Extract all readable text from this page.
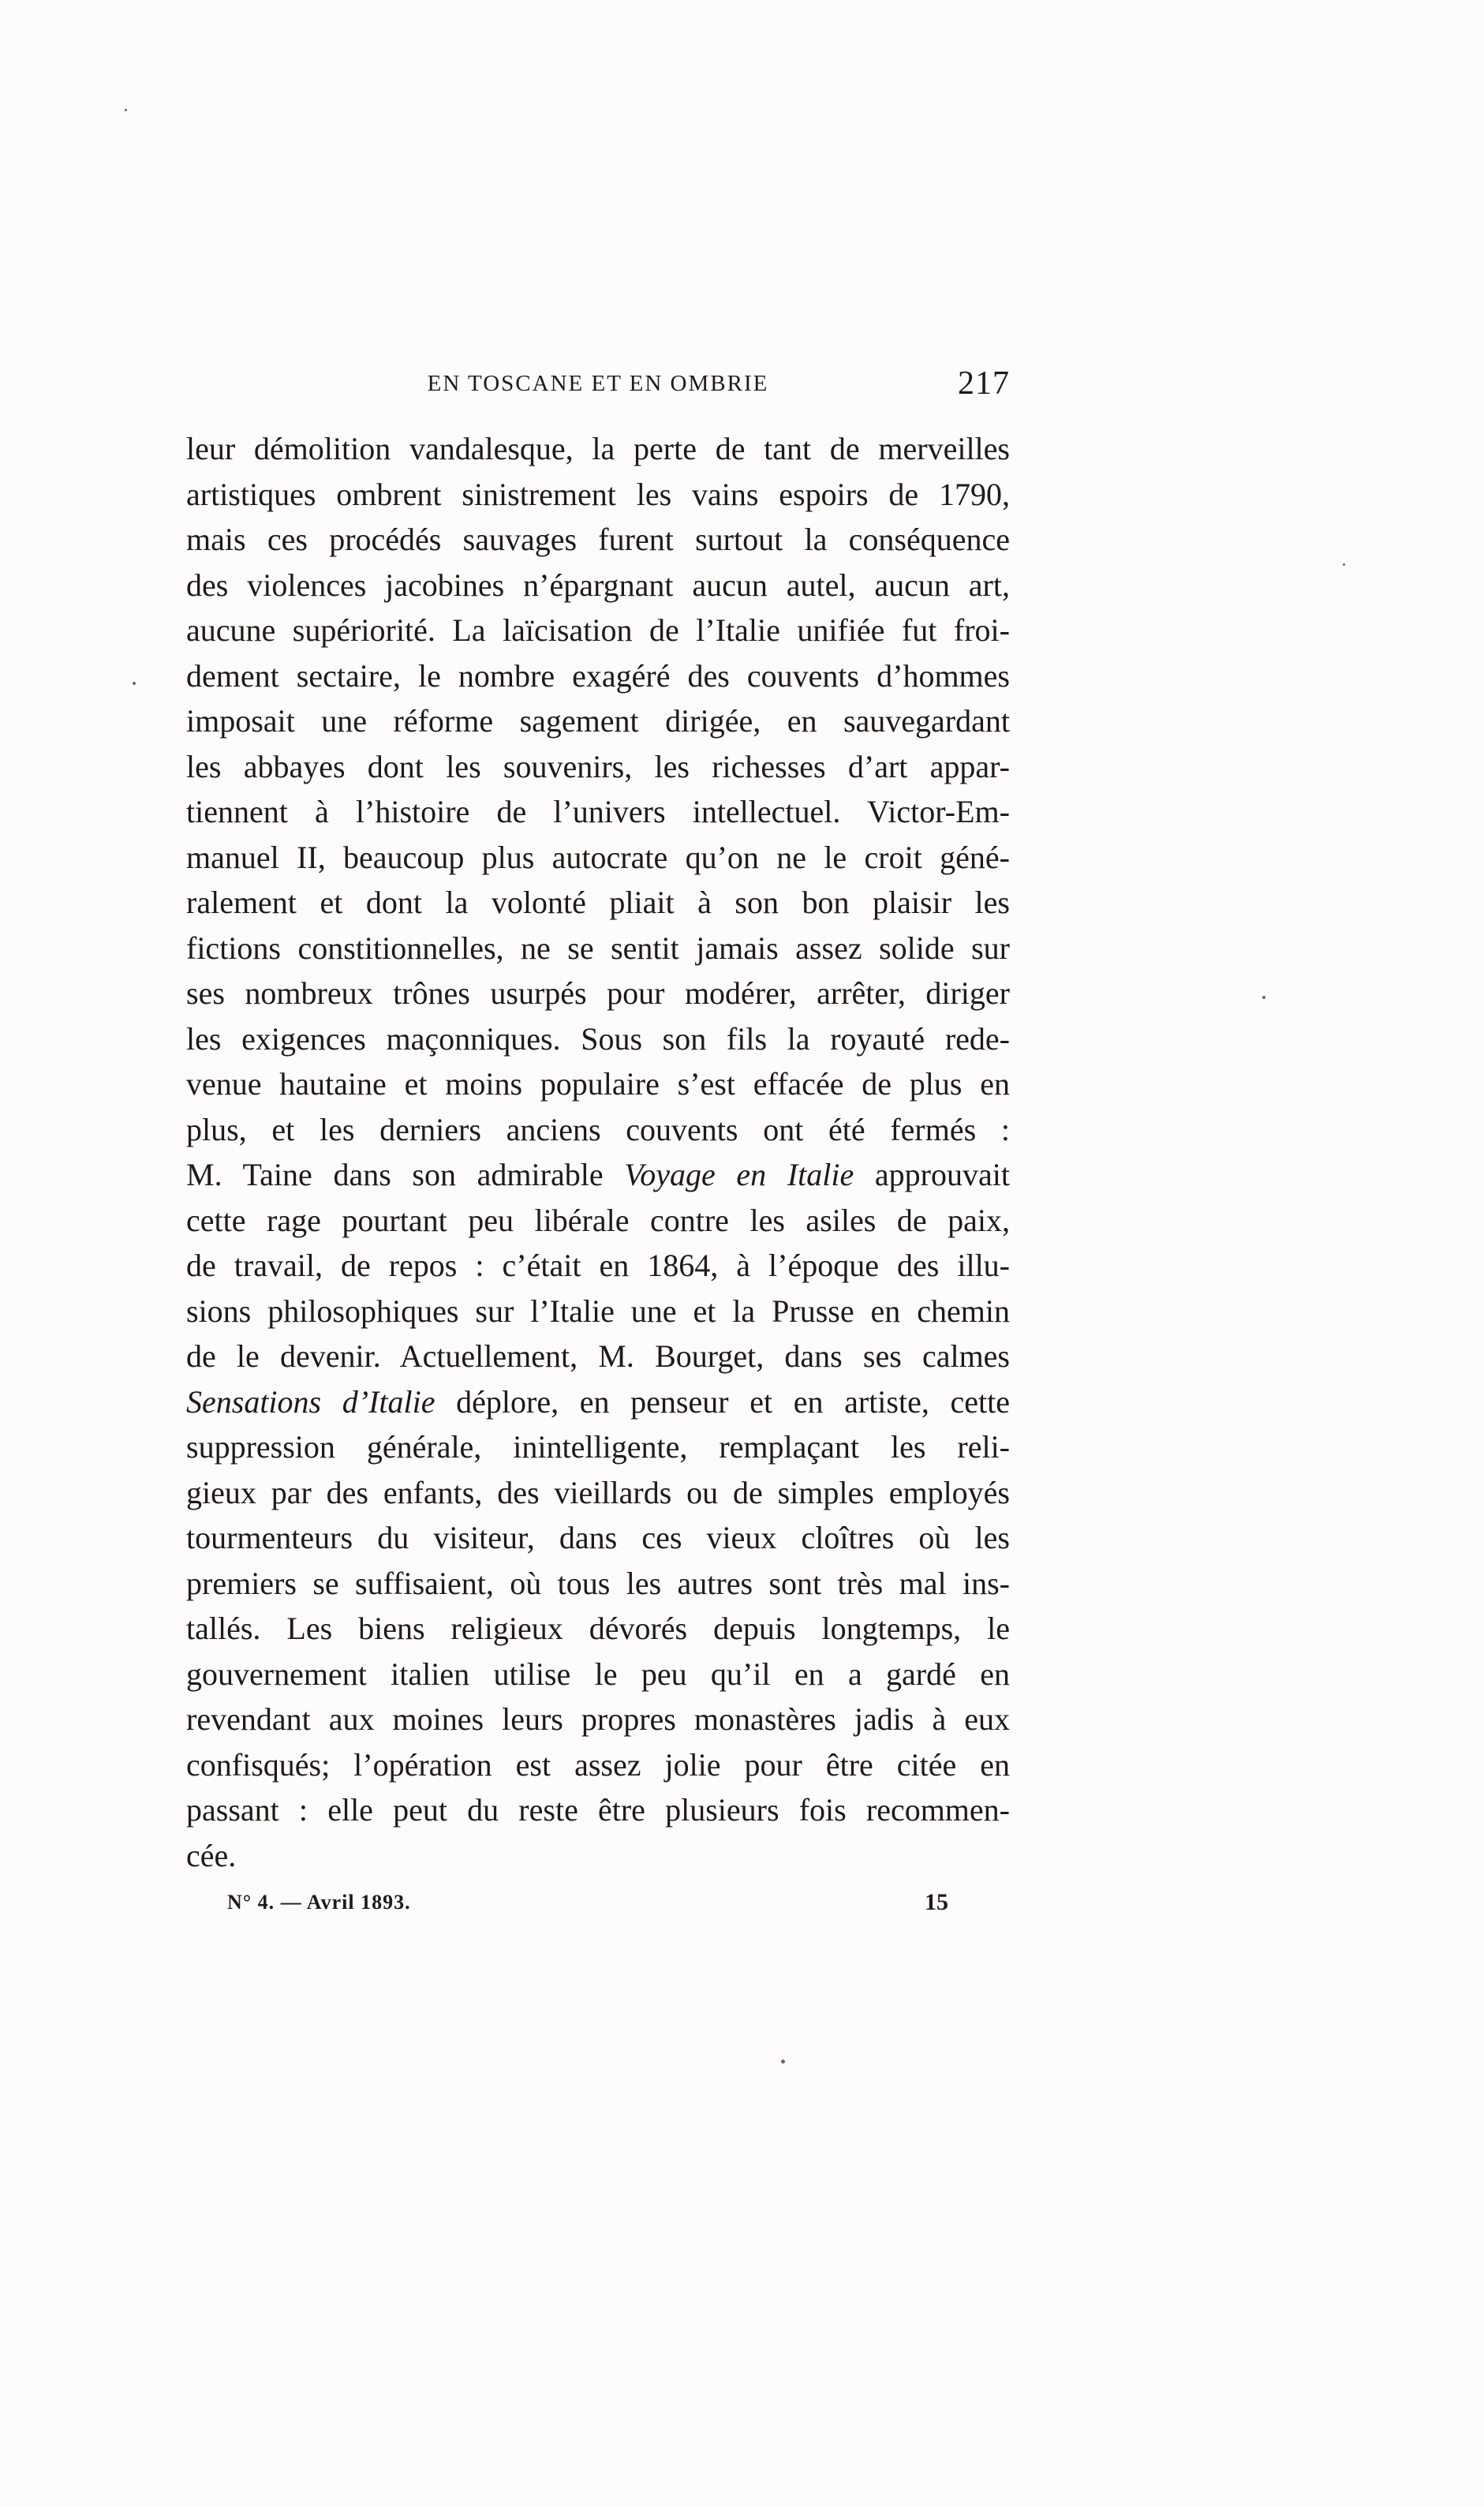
EN TOSCANE ET EN OMBRIE	217
leur démolition vandalesque, la perte de tant de merveilles
artistiques ombrent sinistrement les vains espoirs de 1790,
mais ces procédés sauvages furent surtout la conséquence
des violences jacobines n’épargnant aucun autel, aucun art,
aucune supériorité. La laïcisation de l’Italie unifiée fut froi-
dement sectaire, le nombre exagéré des couvents d’hommes
imposait une réforme sagement dirigée, en sauvegardant
les abbayes dont les souvenirs, les richesses d’art appar-
tiennent à l’histoire de l’univers intellectuel. Victor-Em-
manuel II, beaucoup plus autocrate qu’on ne le croit géné-
ralement et dont la volonté pliait à son bon plaisir les
fictions constitionnelles, ne se sentit jamais assez solide sur
ses nombreux trônes usurpés pour modérer, arrêter, diriger
les exigences maçonniques. Sous son fils la royauté rede-
venue hautaine et moins populaire s’est effacée de plus en
plus, et les derniers anciens couvents ont été fermés :
M. Taine dans son admirable Voyage en Italie approuvait
cette rage pourtant peu libérale contre les asiles de paix,
de travail, de repos : c’était en 1864, à l’époque des illu-
sions philosophiques sur l’Italie une et la Prusse en chemin
de le devenir. Actuellement, M. Bourget, dans ses calmes
Sensations d’Italie déplore, en penseur et en artiste, cette
suppression générale, inintelligente, remplaçant les reli-
gieux par des enfants, des vieillards ou de simples employés
tourmenteurs du visiteur, dans ces vieux cloîtres où les
premiers se suffisaient, où tous les autres sont très mal ins-
tallés. Les biens religieux dévorés depuis longtemps, le
gouvernement italien utilise le peu qu’il en a gardé en
revendant aux moines leurs propres monastères jadis à eux
confisqués; l’opération est assez jolie pour être citée en
passant : elle peut du reste être plusieurs fois recommen-
cée.
N° 4. — Avril 1893.	15
